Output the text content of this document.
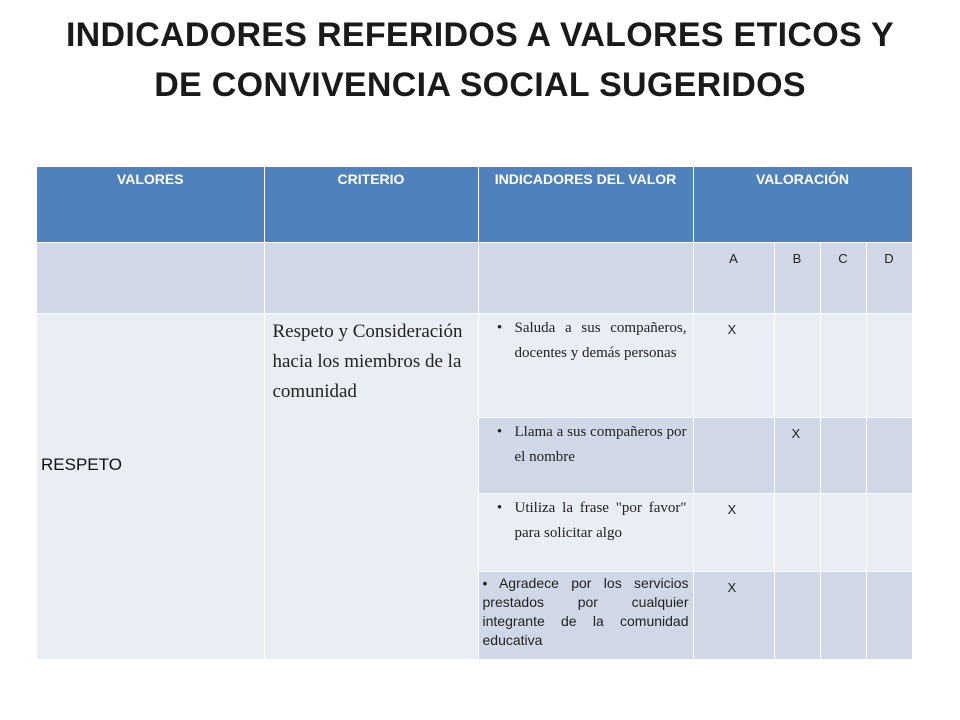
INDICADORES REFERIDOS A VALORES ETICOS Y
DE CONVIVENCIA SOCIAL SUGERIDOS
VALORES	CRITERIO	INDICADORES DEL VALOR	VALORACIÓN			

			A	B	C	D

RESPETO	Respeto y Consideración hacia los miembros de la comunidad	• Saluda a sus compañeros, docentes y demás personas	X			

		• Llama a sus compañeros por el nombre		X		

		• Utiliza la frase "por favor" para solicitar algo	X			

		• Agradece por los servicios prestados por cualquier integrante de la comunidad educativa	X			
